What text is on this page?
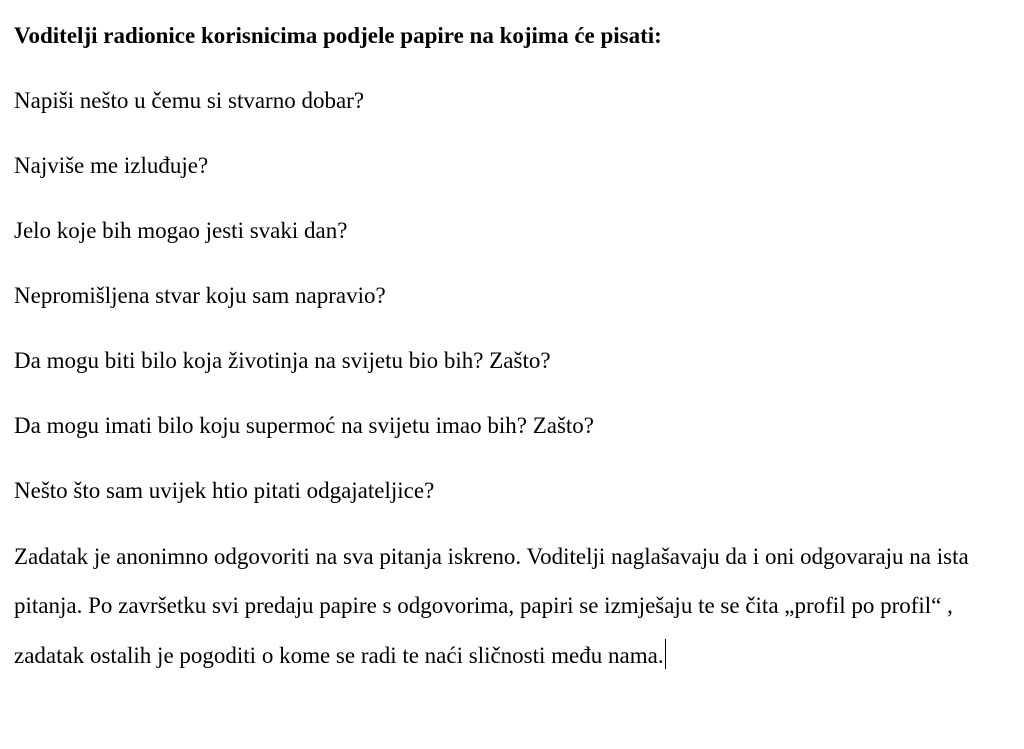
Voditelji radionice korisnicima podjele papire na kojima će pisati:

Napiši nešto u čemu si stvarno dobar?
Najviše me izluđuje?
Jelo koje bih mogao jesti svaki dan?
Nepromišljena stvar koju sam napravio?
Da mogu biti bilo koja životinja na svijetu bio bih? Zašto?
Da mogu imati bilo koju supermoć na svijetu imao bih? Zašto?
Nešto što sam uvijek htio pitati odgajateljice?

Zadatak je anonimno odgovoriti na sva pitanja iskreno. Voditelji naglašavaju da i oni odgovaraju na ista pitanja. Po završetku svi predaju papire s odgovorima, papiri se izmješaju te se čita „profil po profil“ , zadatak ostalih je pogoditi o kome se radi te naći sličnosti među nama.
